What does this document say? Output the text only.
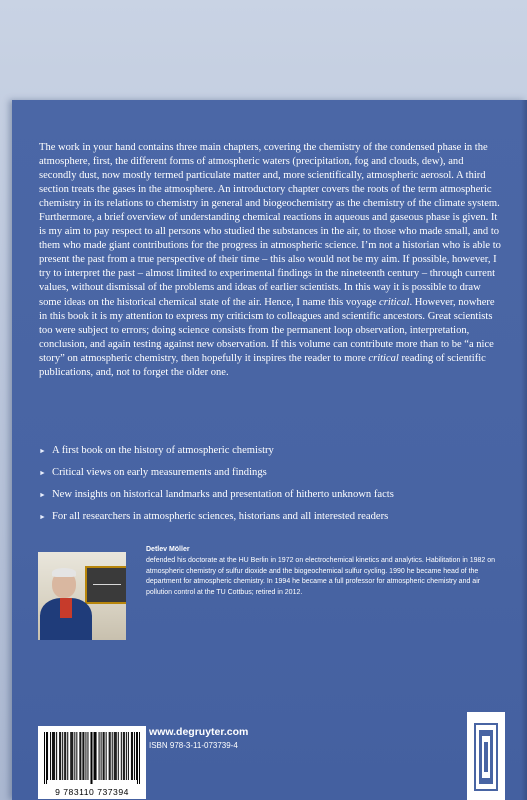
The work in your hand contains three main chapters, covering the chemistry of the condensed phase in the atmosphere, first, the different forms of atmospheric waters (precipitation, fog and clouds, dew), and secondly dust, now mostly termed particulate matter and, more scientifically, atmospheric aerosol. A third section treats the gases in the atmosphere. An introductory chapter covers the roots of the term atmospheric chemistry in its relations to chemistry in general and biogeochemistry as the chemistry of the climate system. Furthermore, a brief overview of understanding chemical reactions in aqueous and gaseous phase is given. It is my aim to pay respect to all persons who studied the substances in the air, to those who made small, and to them who made giant contributions for the progress in atmospheric science. I’m not a historian who is able to present the past from a true perspective of their time – this also would not be my aim. If possible, however, I try to interpret the past – almost limited to experimental findings in the nineteenth century – through current values, without dismissal of the problems and ideas of earlier scientists. In this way it is possible to draw some ideas on the historical chemical state of the air. Hence, I name this voyage critical. However, nowhere in this book it is my attention to express my criticism to colleagues and scientific ancestors. Great scientists too were subject to errors; doing science consists from the permanent loop observation, interpretation, conclusion, and again testing against new observation. If this volume can contribute more than to be “a nice story” on atmospheric chemistry, then hopefully it inspires the reader to more critical reading of scientific publications, and, not to forget the older one.

► A first book on the history of atmospheric chemistry
► Critical views on early measurements and findings
► New insights on historical landmarks and presentation of hitherto unknown facts
► For all researchers in atmospheric sciences, historians and all interested readers
Detlev Möller

defended his doctorate at the HU Berlin in 1972 on electrochemical kinetics and analytics. Habilitation in 1982 on atmospheric chemistry of sulfur dioxide and the biogeochemical sulfur cycling. 1990 he became head of the department for atmospheric chemistry. In 1994 he became a full professor for atmospheric chemistry and air pollution control at the TU Cottbus; retired in 2012.

9 783110 737394
www.degruyter.com
ISBN 978-3-11-073739-4
